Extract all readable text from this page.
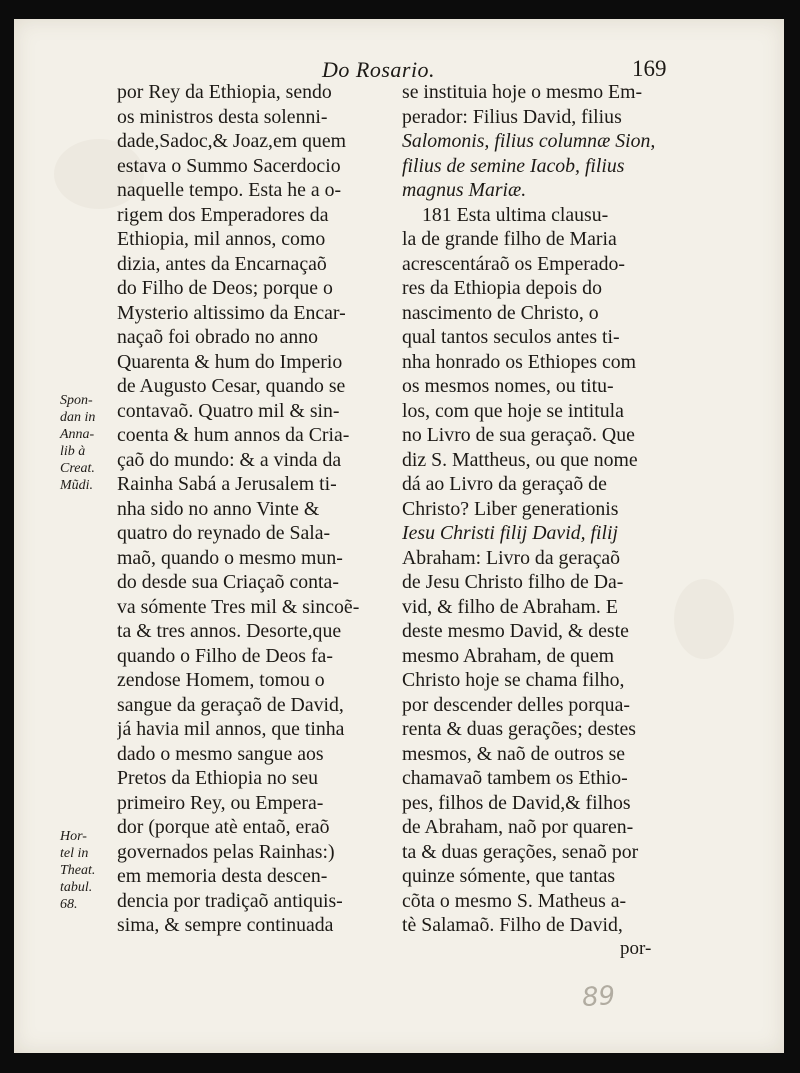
Do Rosario.	169
por Rey da Ethiopia, sendo
os ministros desta solenni-
dade,Sadoc,& Joaz,em quem
estava o Summo Sacerdocio
naquelle tempo. Esta he a o-
rigem dos Emperadores da
Ethiopia, mil annos, como
dizia, antes da Encarnaçaõ
do Filho de Deos; porque o
Mysterio altissimo da Encar-
naçaõ foi obrado no anno
Quarenta & hum do Imperio
de Augusto Cesar, quando se
contavaõ. Quatro mil & sin-
coenta & hum annos da Cria-
çaõ do mundo: & a vinda da
Rainha Sabá a Jerusalem ti-
nha sido no anno Vinte &
quatro do reynado de Sala-
maõ, quando o mesmo mun-
do desde sua Criaçaõ conta-
va sómente Tres mil & sincoẽ-
ta & tres annos. Desorte,que
quando o Filho de Deos fa-
zendose Homem, tomou o
sangue da geraçaõ de David,
já havia mil annos, que tinha
dado o mesmo sangue aos
Pretos da Ethiopia no seu
primeiro Rey, ou Empera-
dor (porque atè entaõ, eraõ
governados pelas Rainhas:)
em memoria desta descen-
dencia por tradiçaõ antiquis-
sima, & sempre continuada
se instituia hoje o mesmo Em-
perador: Filius David, filius
Salomonis, filius columnæ Sion,
filius de semine Iacob, filius
magnus Mariæ.
181 Esta ultima clausu-
la de grande filho de Maria
acrescentáraõ os Emperado-
res da Ethiopia depois do
nascimento de Christo, o
qual tantos seculos antes ti-
nha honrado os Ethiopes com
os mesmos nomes, ou titu-
los, com que hoje se intitula
no Livro de sua geraçaõ. Que
diz S. Mattheus, ou que nome
dá ao Livro da geraçaõ de
Christo? Liber generationis
Iesu Christi filij David, filij
Abraham: Livro da geraçaõ
de Jesu Christo filho de Da-
vid, & filho de Abraham. E
deste mesmo David, & deste
mesmo Abraham, de quem
Christo hoje se chama filho,
por descender delles porqua-
renta & duas gerações; destes
mesmos, & naõ de outros se
chamavaõ tambem os Ethio-
pes, filhos de David,& filhos
de Abraham, naõ por quaren-
ta & duas gerações, senaõ por
quinze sómente, que tantas
cõta o mesmo S. Matheus a-
tè Salamaõ. Filho de David,
Spon-
dan in
Anna-
lib à
Creat.
Mũdi.
Hor-
tel in
Theat.
tabul.
68.
por-
89
